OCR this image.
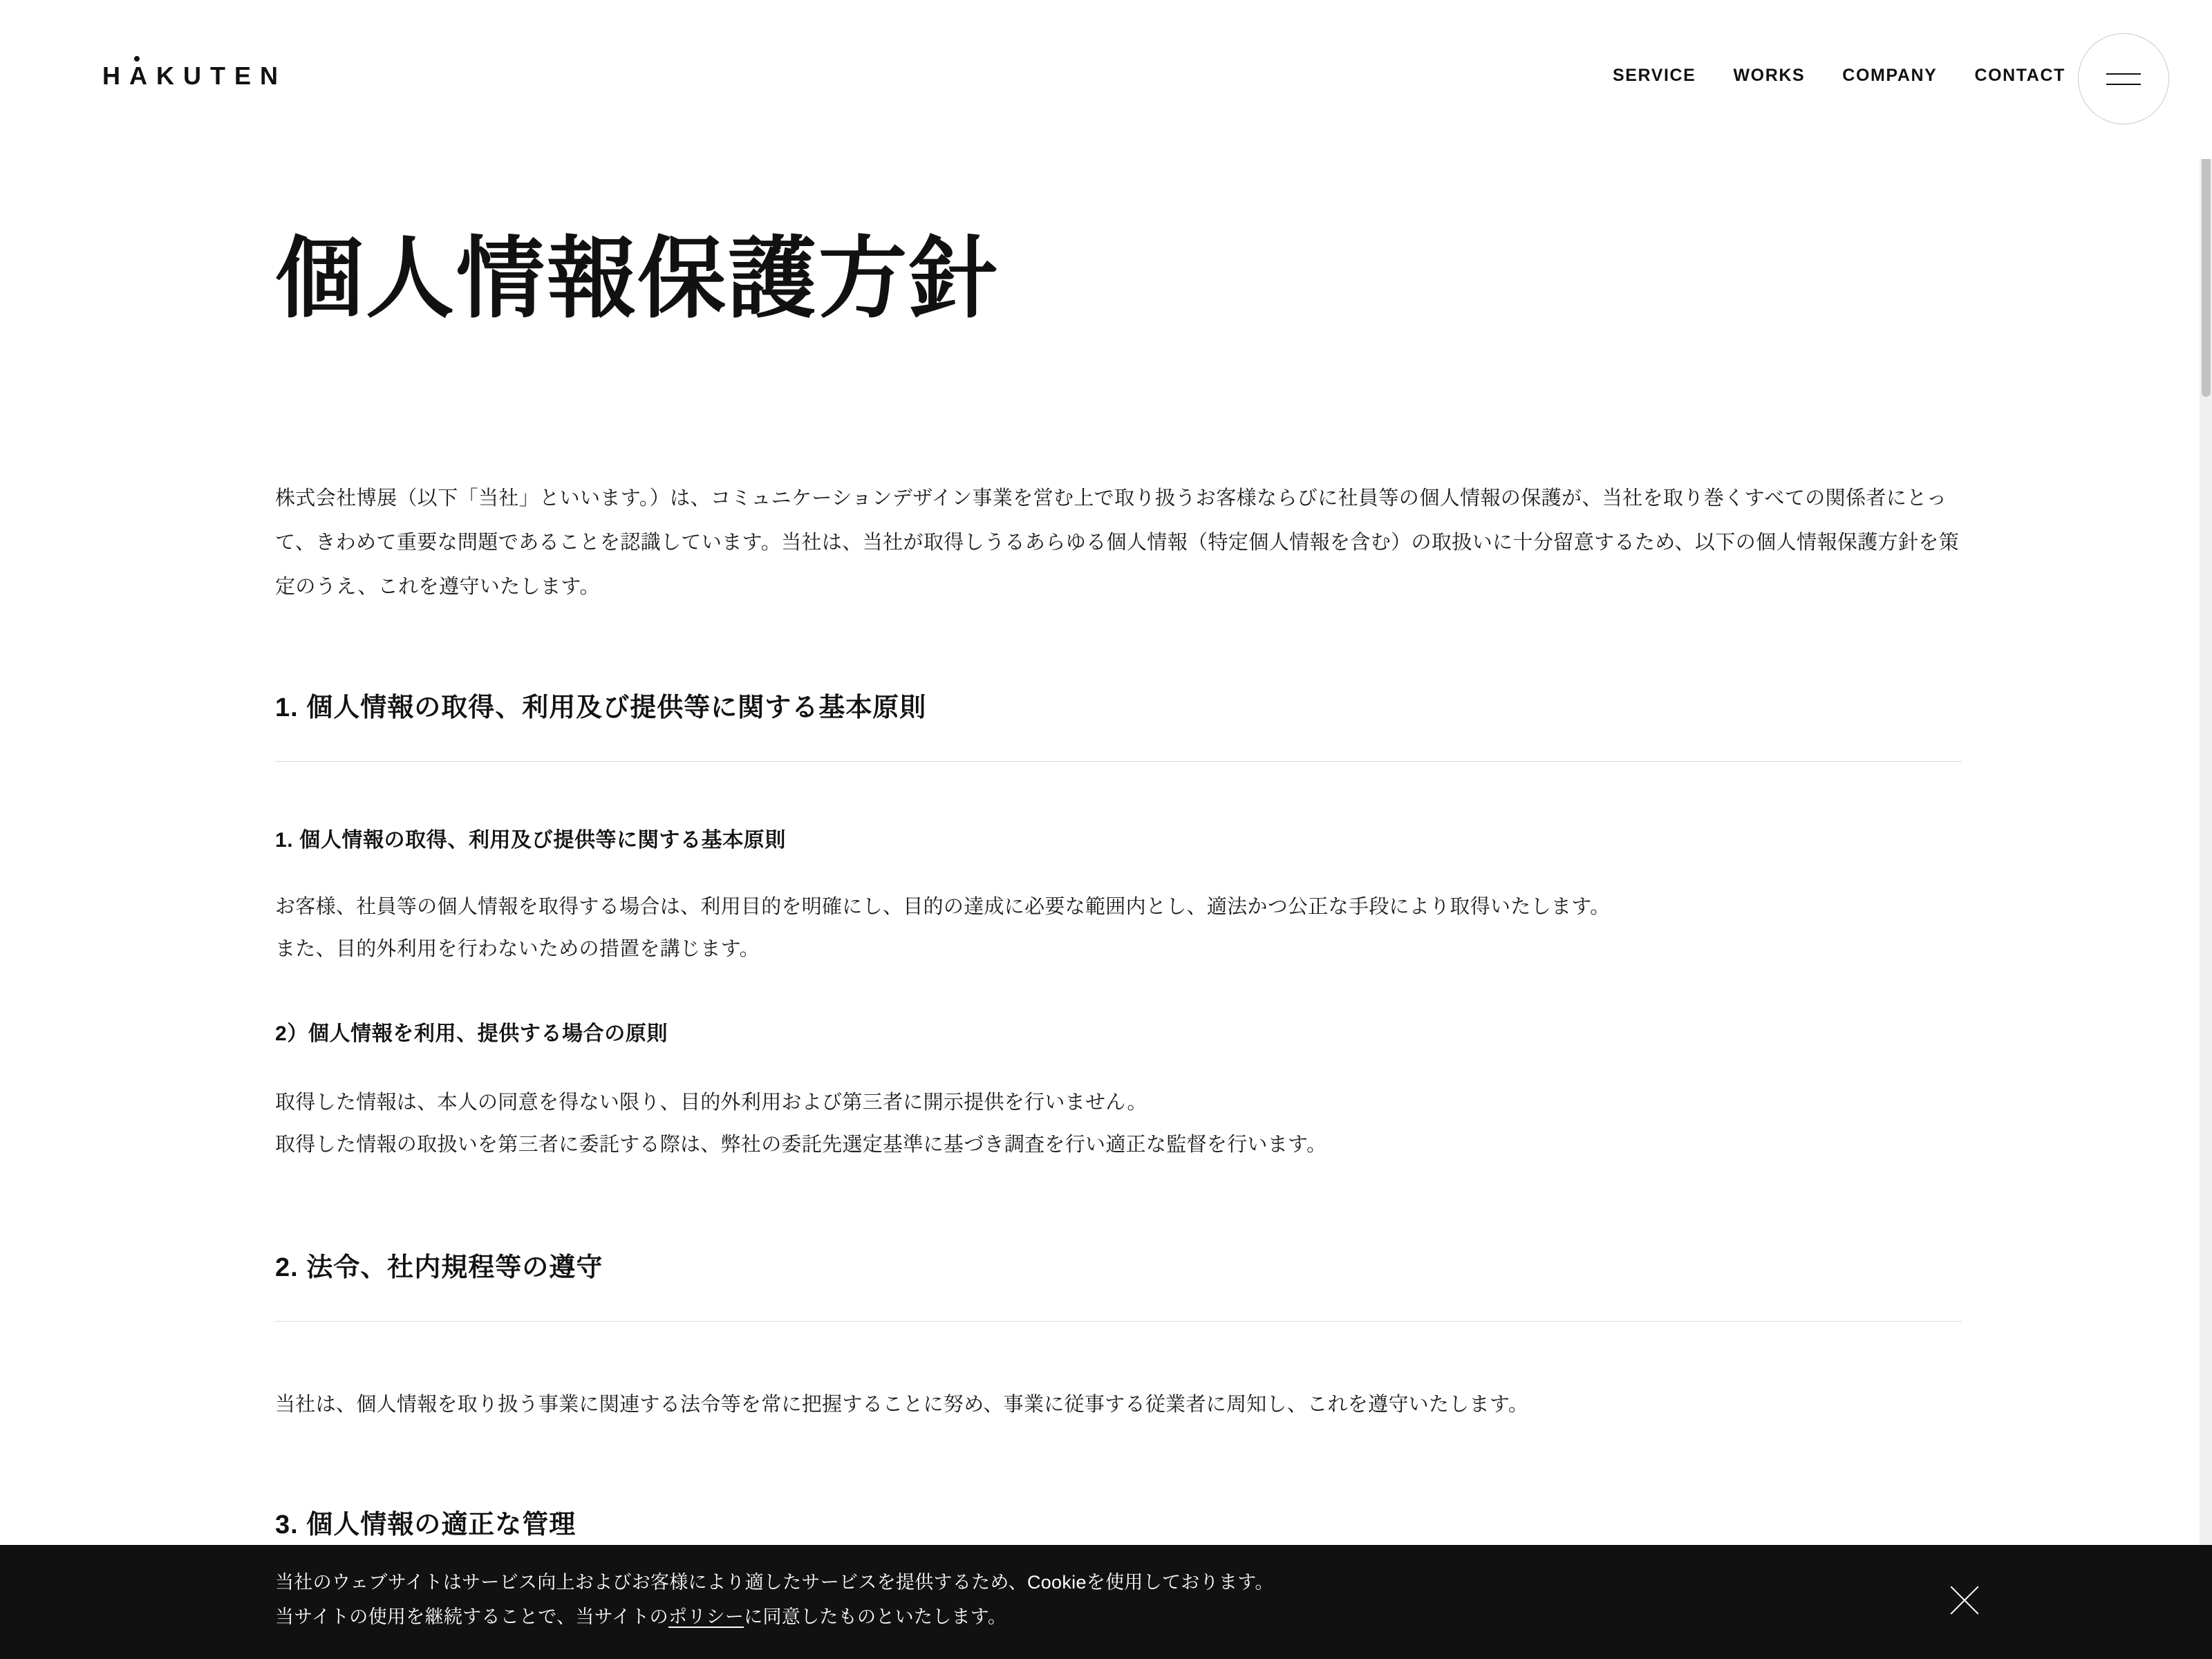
HAKUTEN	SERVICE WORKS COMPANY CONTACT
個人情報保護方針

株式会社博展（以下「当社」といいます。）は、コミュニケーションデザイン事業を営む上で取り扱うお客様ならびに社員等の個人情報の保護が、当社を取り巻くすべての関係者にとって、きわめて重要な問題であることを認識しています。当社は、当社が取得しうるあらゆる個人情報（特定個人情報を含む）の取扱いに十分留意するため、以下の個人情報保護方針を策定のうえ、これを遵守いたします。

1. 個人情報の取得、利用及び提供等に関する基本原則
1. 個人情報の取得、利用及び提供等に関する基本原則

お客様、社員等の個人情報を取得する場合は、利用目的を明確にし、目的の達成に必要な範囲内とし、適法かつ公正な手段により取得いたします。

また、目的外利用を行わないための措置を講じます。

2）個人情報を利用、提供する場合の原則

取得した情報は、本人の同意を得ない限り、目的外利用および第三者に開示提供を行いません。

取得した情報の取扱いを第三者に委託する際は、弊社の委託先選定基準に基づき調査を行い適正な監督を行います。

2. 法令、社内規程等の遵守

当社は、個人情報を取り扱う事業に関連する法令等を常に把握することに努め、事業に従事する従業者に周知し、これを遵守いたします。

3. 個人情報の適正な管理
当社のウェブサイトはサービス向上およびお客様により適したサービスを提供するため、Cookieを使用しております。
当サイトの使用を継続することで、当サイトのポリシーに同意したものといたします。
